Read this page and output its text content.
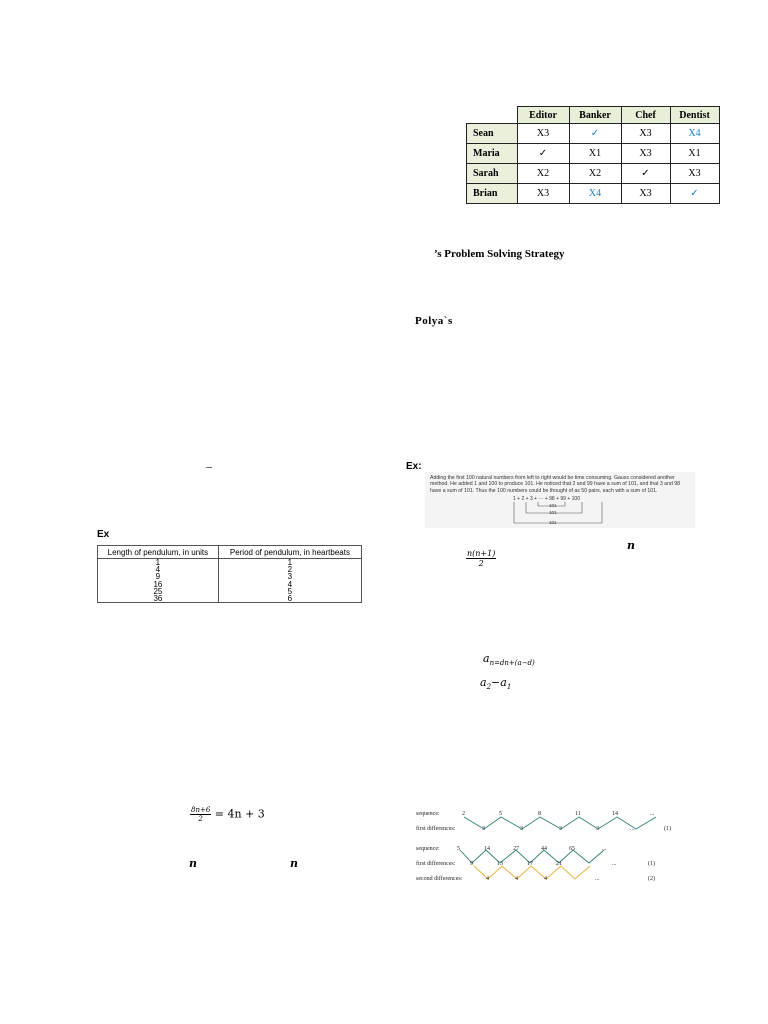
	Editor	Banker	Chef	Dentist
Sean	X3	✓	X3	X4
Maria	✓	X1	X3	X1
Sarah	X2	X2	✓	X3
Brian	X3	X4	X3	✓
’s Problem Solving Strategy
Polya`s
–	Ex:
Adding the first 100 natural numbers from left to right would be time consuming. Gauss considered another method. He added 1 and 100 to produce 101. He noticed that 2 and 99 have a sum of 101, and that 3 and 98 have a sum of 101. Thus the 100 numbers could be thought of as 50 pairs, each with a sum of 101.
1 + 2 + 3 + ··· + 98 + 99 + 100
101
101
101
Ex
Length of pendulum, in units	Period of pendulum, in heartbeats
1	1
4	2
9	3
16	4
25	5
36	6
n
$\frac{n(n+1)}{2}$
$a_{n=dn+(a-d)}$
$a_2-a_1$
$\frac{8n+6}{2} = 4n + 3$
n	n
sequence:
first differences:
2	5	8	11	14	...
3	3	3	3	...	(1)
sequence:
first differences:
second differences:
5	14	27	44	65	...
9	13	17	21	...	(1)
4	4	4	...	(2)
